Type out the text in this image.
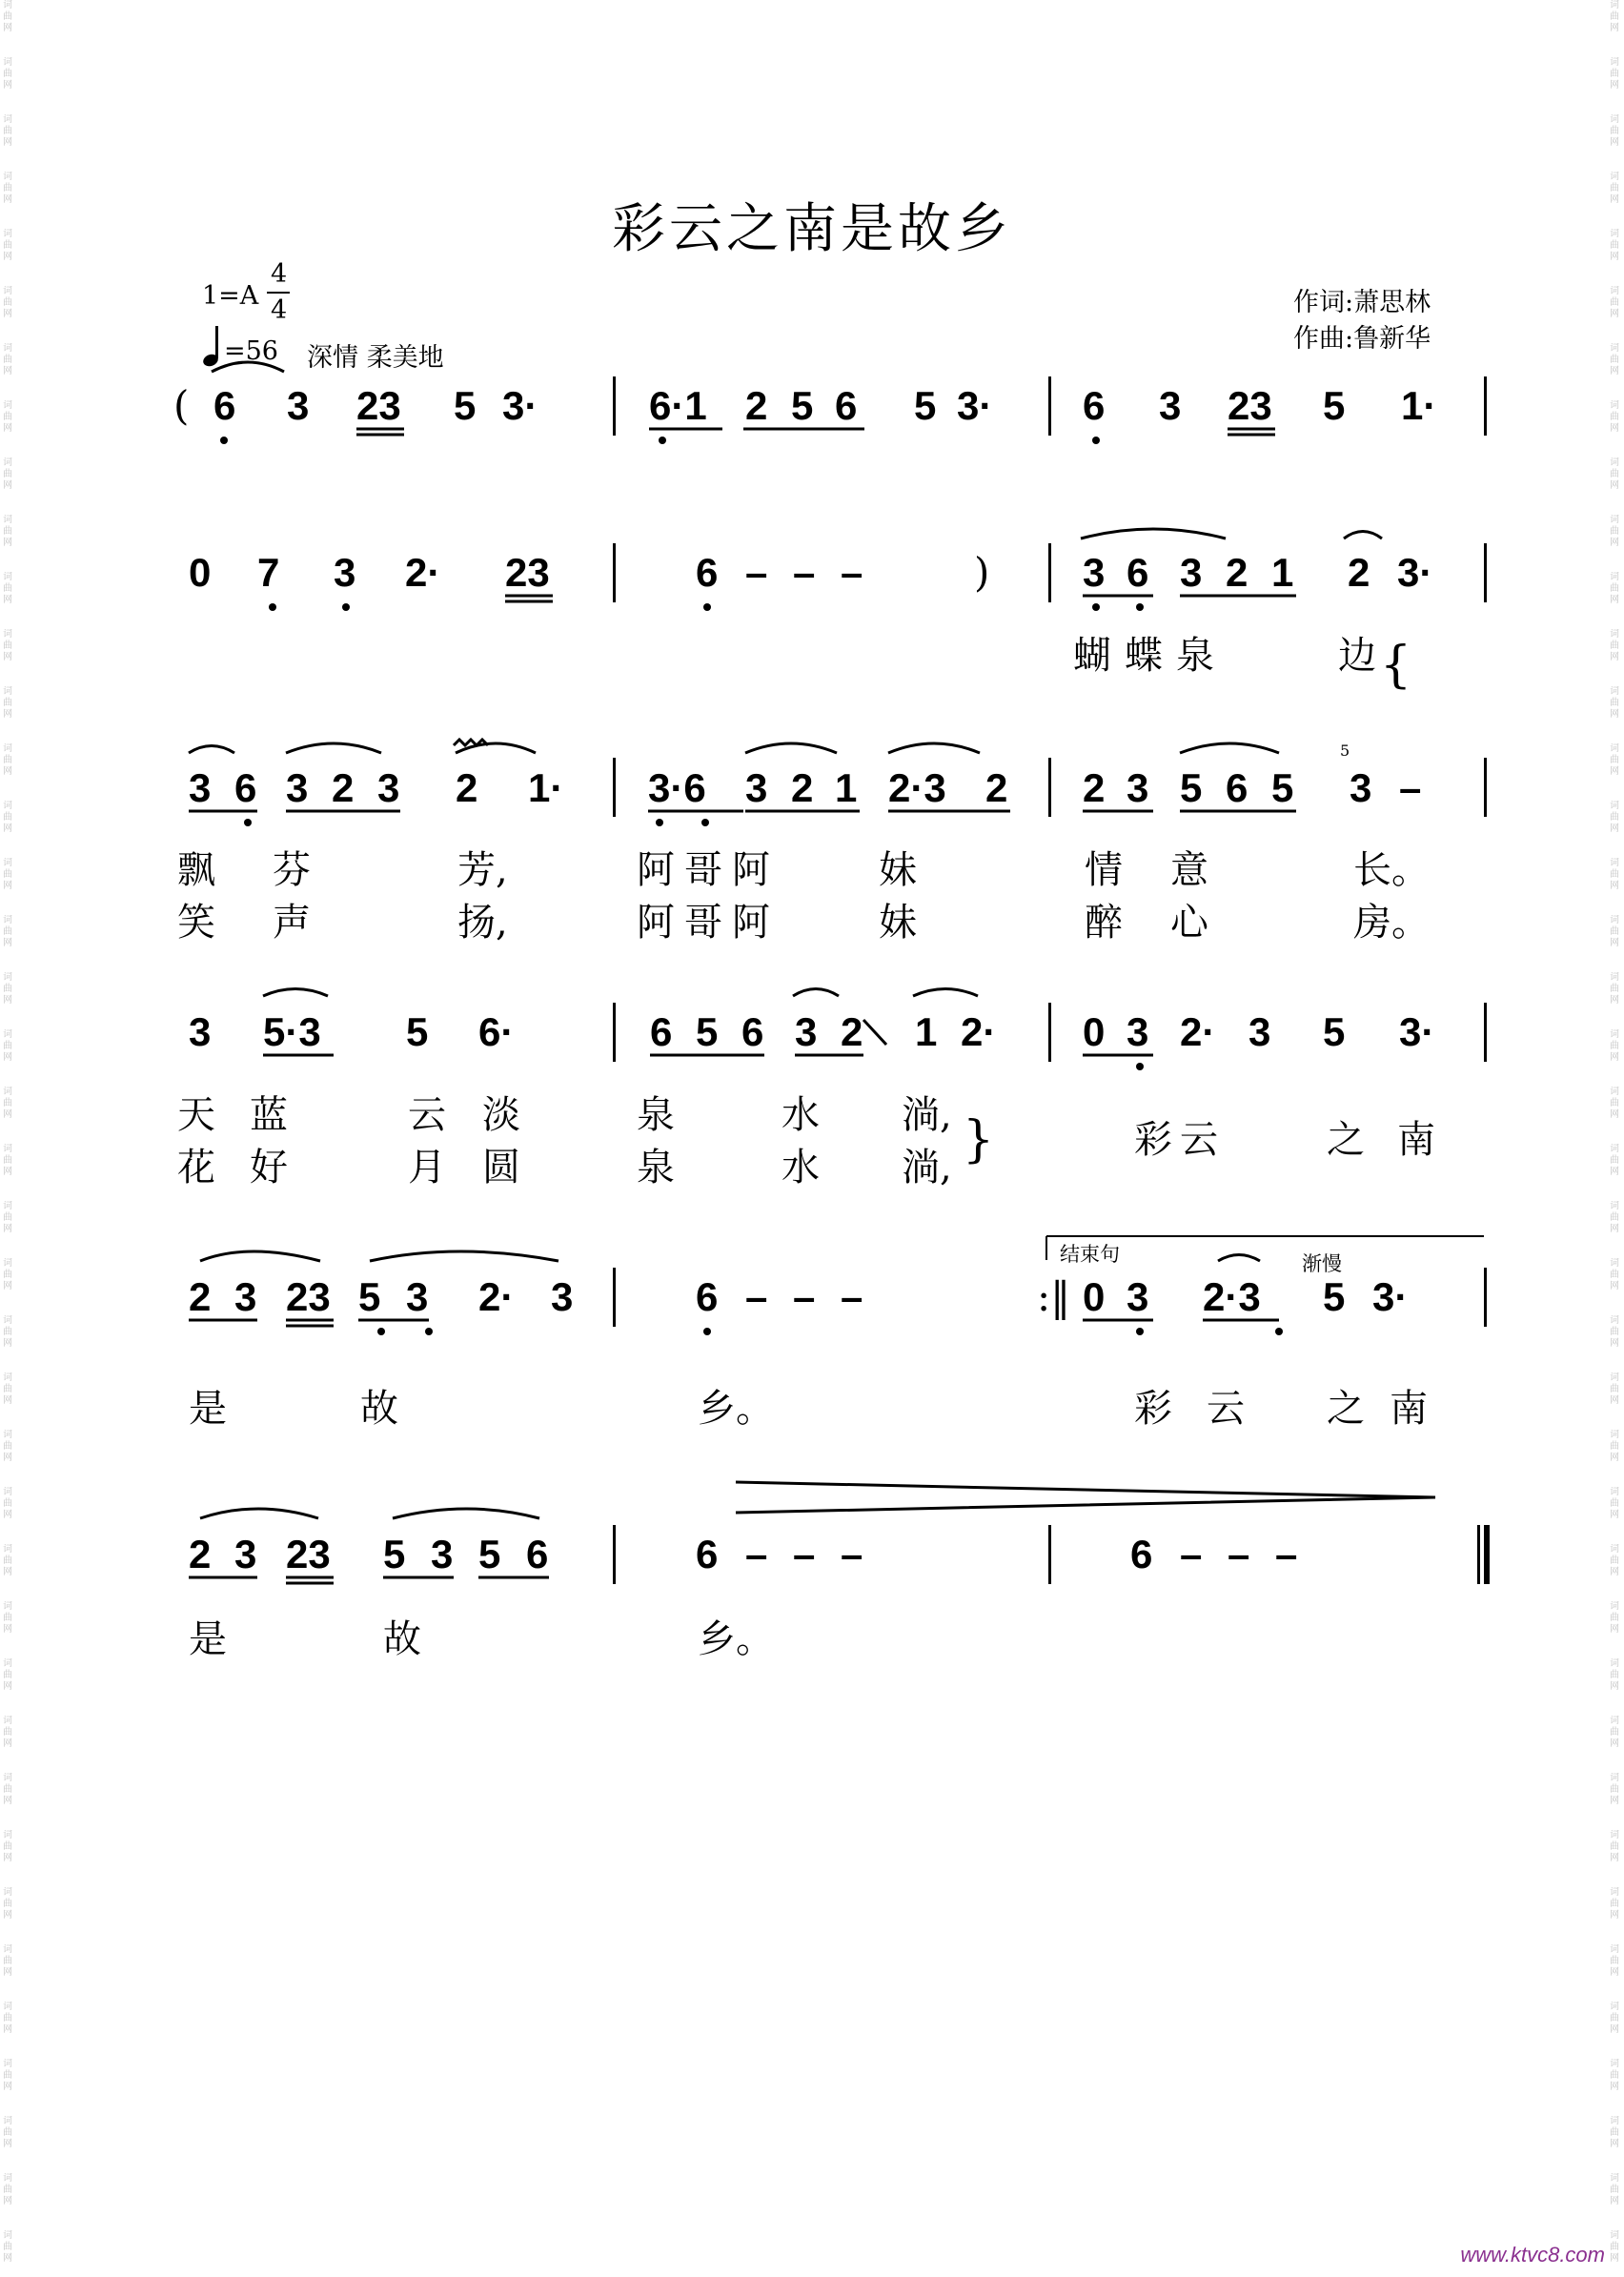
词曲网
词曲网
词曲网
词曲网
词曲网
词曲网
词曲网
词曲网
词曲网
词曲网
词曲网
词曲网
词曲网
词曲网
词曲网
词曲网
词曲网
词曲网
词曲网
词曲网
词曲网
词曲网
词曲网
词曲网
词曲网
词曲网
词曲网
词曲网
词曲网
词曲网
词曲网
词曲网
词曲网
词曲网
词曲网
词曲网
词曲网
词曲网
词曲网
词曲网
词曲网
词曲网
词曲网
词曲网
词曲网
词曲网
词曲网
词曲网
词曲网
词曲网
词曲网
词曲网
词曲网
词曲网
词曲网
词曲网
词曲网
词曲网
词曲网
词曲网
词曲网
词曲网
词曲网
词曲网
词曲网
词曲网
词曲网
词曲网
词曲网
词曲网
词曲网
词曲网
词曲网
词曲网
词曲网
词曲网
词曲网
词曲网
词曲网
词曲网
彩云之南是故乡
1=A
4
4
=56 深情 柔美地
作词:萧思林
作曲:鲁新华
( 6 3 23 5 3·	6·1 2 5 6 5 3· 6 3 23 5 1·
0 7 3 2· 23	6 – – –	) 3 6 3 2 1 2 3·
蝴蝶泉	边 {
3 6 3 2 3 2 1· 3·6 3 2 1 2·3 2 2 3 5 6 5
5
3 –
飘 芬	芳,	阿哥阿	妹	情 意	长。
笑 声	扬,	阿哥阿	妹	醉 心	房。
3 5·3 5 6·	6 5 6 3 2 1 2· 0 3 2· 3 5 3·
天 蓝	云 淡	泉	水 淌,
彩云	之 南
花 好	月 圆	泉	水 淌, }
2 3 23 5 3 2· 3	6 – – –	:‖ 0 3 2·3 5 3·
结束句	渐慢
是	故	乡。	彩 云 之 南
2 3 23 5 3 5 6	6 – – –	6 – – –
是	故	乡。
www.ktvc8.com
